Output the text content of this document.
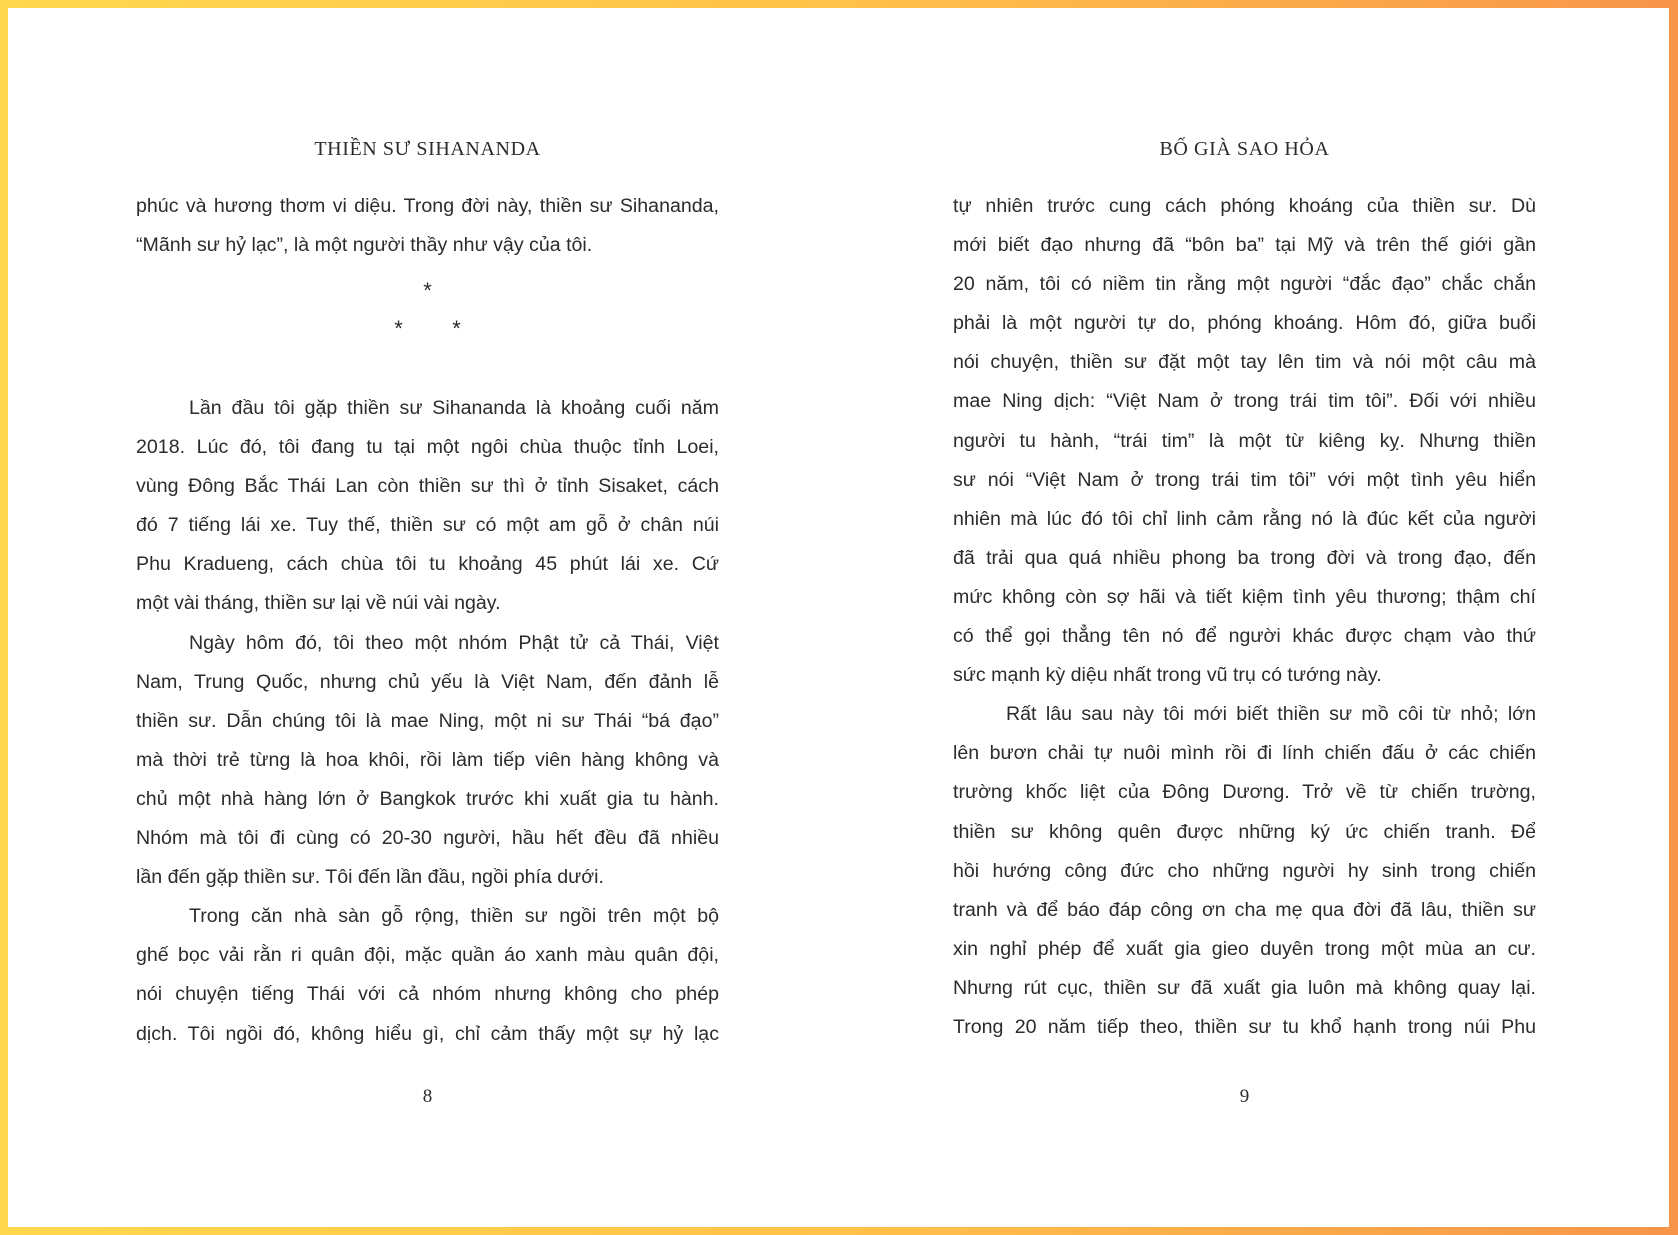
THIỀN SƯ SIHANANDA
phúc và hương thơm vi diệu. Trong đời này, thiền sư Sihananda,
“Mãnh sư hỷ lạc”, là một người thầy như vậy của tôi.
*
* *
Lần đầu tôi gặp thiền sư Sihananda là khoảng cuối năm
2018. Lúc đó, tôi đang tu tại một ngôi chùa thuộc tỉnh Loei,
vùng Đông Bắc Thái Lan còn thiền sư thì ở tỉnh Sisaket, cách
đó 7 tiếng lái xe. Tuy thế, thiền sư có một am gỗ ở chân núi
Phu Kradueng, cách chùa tôi tu khoảng 45 phút lái xe. Cứ
một vài tháng, thiền sư lại về núi vài ngày.
Ngày hôm đó, tôi theo một nhóm Phật tử cả Thái, Việt
Nam, Trung Quốc, nhưng chủ yếu là Việt Nam, đến đảnh lễ
thiền sư. Dẫn chúng tôi là mae Ning, một ni sư Thái “bá đạo”
mà thời trẻ từng là hoa khôi, rồi làm tiếp viên hàng không và
chủ một nhà hàng lớn ở Bangkok trước khi xuất gia tu hành.
Nhóm mà tôi đi cùng có 20-30 người, hầu hết đều đã nhiều
lần đến gặp thiền sư. Tôi đến lần đầu, ngồi phía dưới.
Trong căn nhà sàn gỗ rộng, thiền sư ngồi trên một bộ
ghế bọc vải rằn ri quân đội, mặc quần áo xanh màu quân đội,
nói chuyện tiếng Thái với cả nhóm nhưng không cho phép
dịch. Tôi ngồi đó, không hiểu gì, chỉ cảm thấy một sự hỷ lạc
8
BỐ GIÀ SAO HỎA
tự nhiên trước cung cách phóng khoáng của thiền sư. Dù
mới biết đạo nhưng đã “bôn ba” tại Mỹ và trên thế giới gần
20 năm, tôi có niềm tin rằng một người “đắc đạo” chắc chắn
phải là một người tự do, phóng khoáng. Hôm đó, giữa buổi
nói chuyện, thiền sư đặt một tay lên tim và nói một câu mà
mae Ning dịch: “Việt Nam ở trong trái tim tôi”. Đối với nhiều
người tu hành, “trái tim” là một từ kiêng kỵ. Nhưng thiền
sư nói “Việt Nam ở trong trái tim tôi” với một tình yêu hiển
nhiên mà lúc đó tôi chỉ linh cảm rằng nó là đúc kết của người
đã trải qua quá nhiều phong ba trong đời và trong đạo, đến
mức không còn sợ hãi và tiết kiệm tình yêu thương; thậm chí
có thể gọi thẳng tên nó để người khác được chạm vào thứ
sức mạnh kỳ diệu nhất trong vũ trụ có tướng này.
Rất lâu sau này tôi mới biết thiền sư mồ côi từ nhỏ; lớn
lên bươn chải tự nuôi mình rồi đi lính chiến đấu ở các chiến
trường khốc liệt của Đông Dương. Trở về từ chiến trường,
thiền sư không quên được những ký ức chiến tranh. Để
hồi hướng công đức cho những người hy sinh trong chiến
tranh và để báo đáp công ơn cha mẹ qua đời đã lâu, thiền sư
xin nghỉ phép để xuất gia gieo duyên trong một mùa an cư.
Nhưng rút cục, thiền sư đã xuất gia luôn mà không quay lại.
Trong 20 năm tiếp theo, thiền sư tu khổ hạnh trong núi Phu
9
